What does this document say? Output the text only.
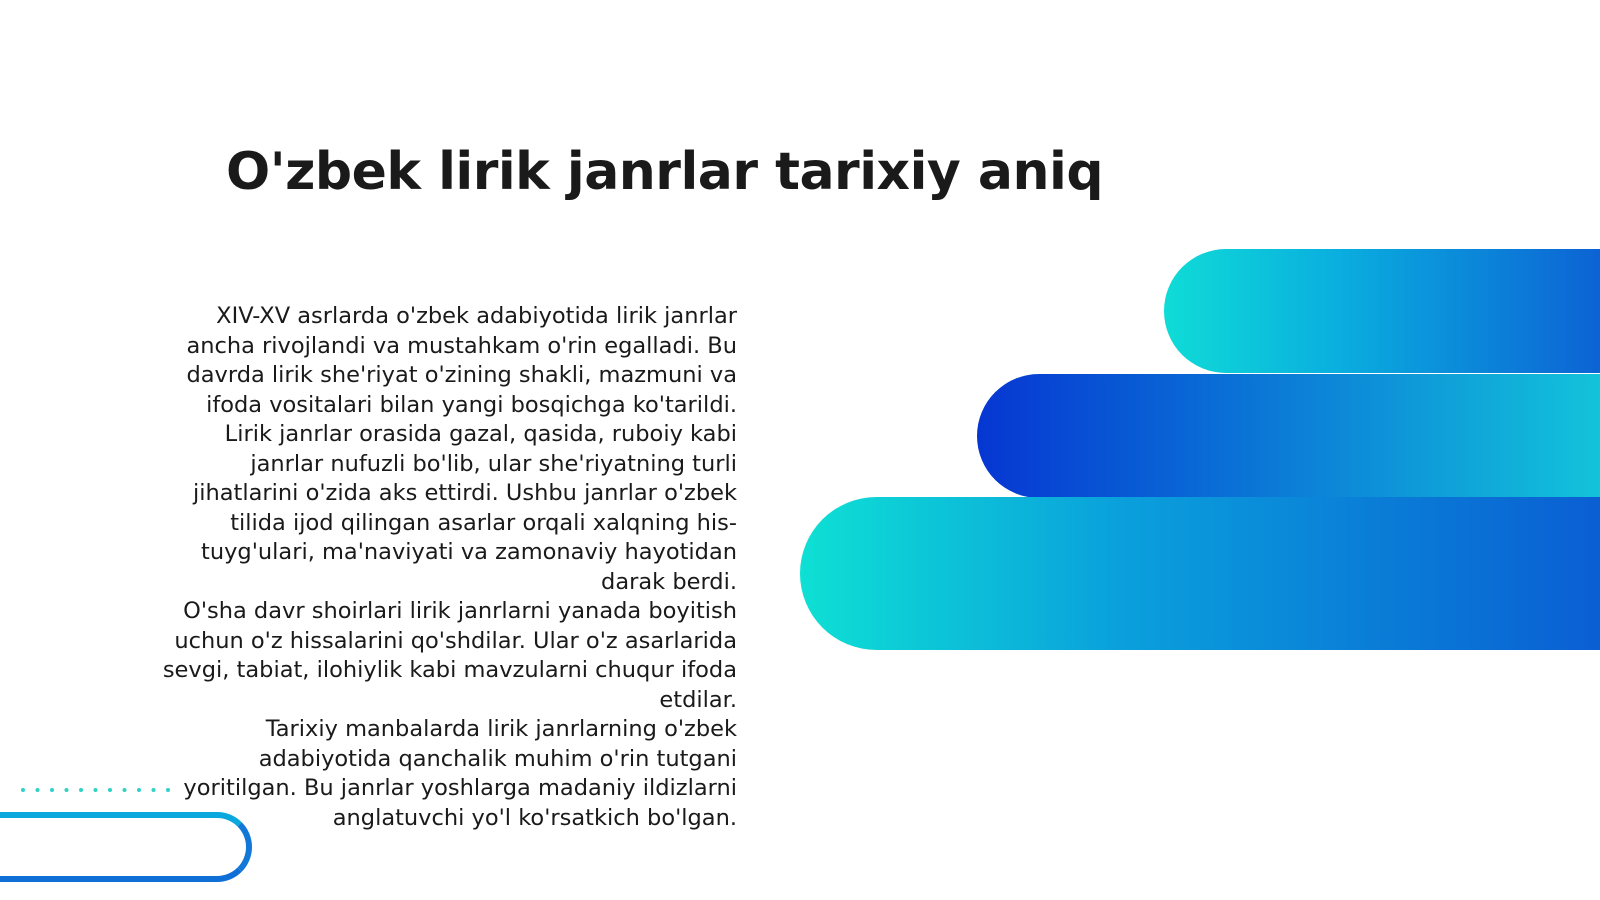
O'zbek lirik janrlar tarixiy aniq

XIV-XV asrlarda o'zbek adabiyotida lirik janrlar
ancha rivojlandi va mustahkam o'rin egalladi. Bu
davrda lirik she'riyat o'zining shakli, mazmuni va
ifoda vositalari bilan yangi bosqichga ko'tarildi.
Lirik janrlar orasida gazal, qasida, ruboiy kabi
janrlar nufuzli bo'lib, ular she'riyatning turli
jihatlarini o'zida aks ettirdi. Ushbu janrlar o'zbek
tilida ijod qilingan asarlar orqali xalqning his-
tuyg'ulari, ma'naviyati va zamonaviy hayotidan
darak berdi.

O'sha davr shoirlari lirik janrlarni yanada boyitish
uchun o'z hissalarini qo'shdilar. Ular o'z asarlarida
sevgi, tabiat, ilohiylik kabi mavzularni chuqur ifoda
etdilar.

Tarixiy manbalarda lirik janrlarning o'zbek
adabiyotida qanchalik muhim o'rin tutgani
yoritilgan. Bu janrlar yoshlarga madaniy ildizlarni
anglatuvchi yo'l ko'rsatkich bo'lgan.
